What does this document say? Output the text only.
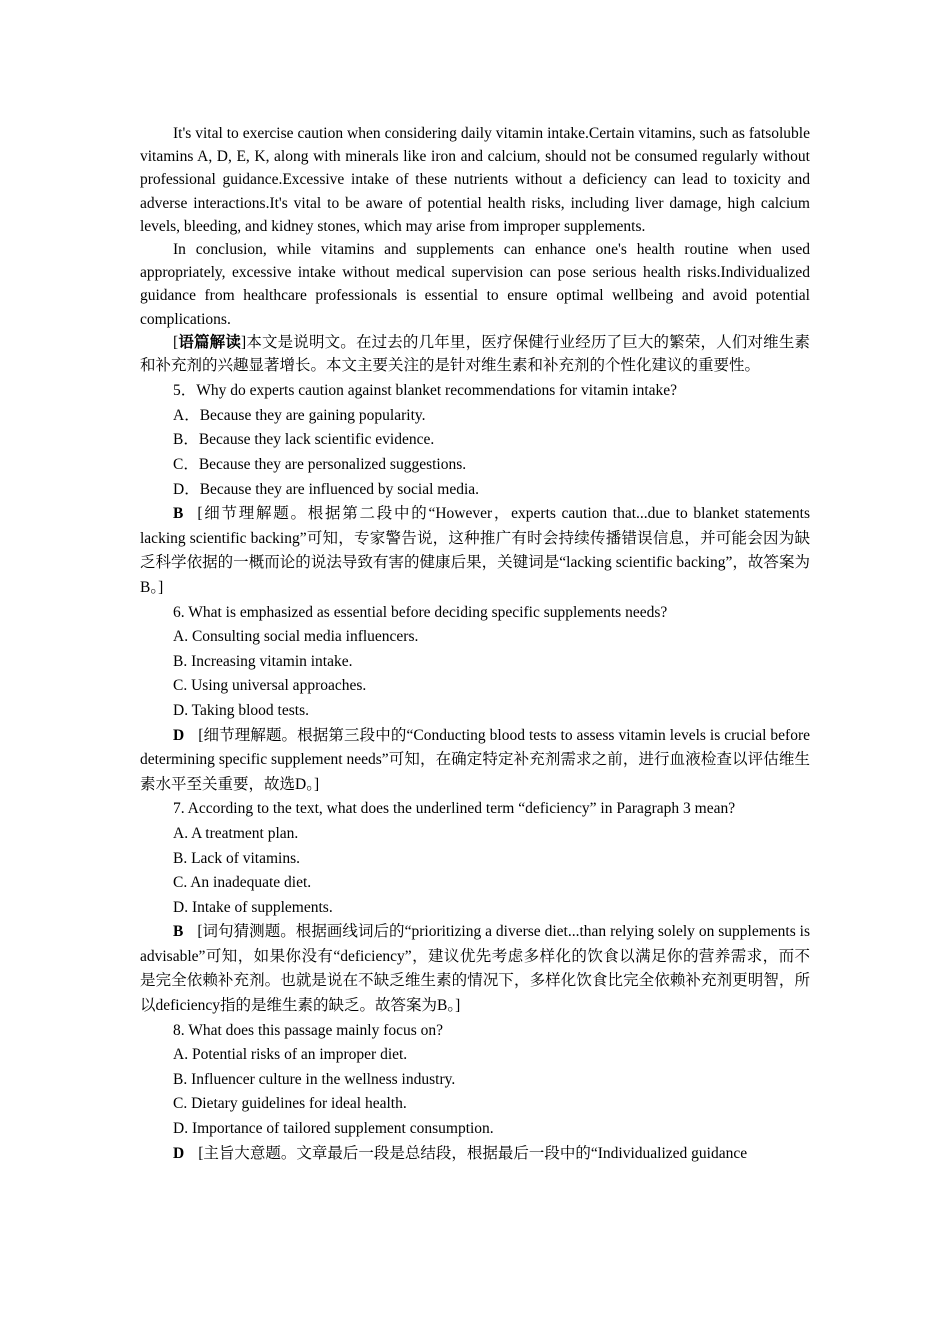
It's vital to exercise caution when considering daily vitamin intake.Certain vitamins, such as fatsoluble vitamins A, D, E, K, along with minerals like iron and calcium, should not be consumed regularly without professional guidance.Excessive intake of these nutrients without a deficiency can lead to toxicity and adverse interactions.It's vital to be aware of potential health risks, including liver damage, high calcium levels, bleeding, and kidney stones, which may arise from improper supplements.

In conclusion, while vitamins and supplements can enhance one's health routine when used appropriately, excessive intake without medical supervision can pose serious health risks.Individualized guidance from healthcare professionals is essential to ensure optimal wellbeing and avoid potential complications.

[语篇解读]本文是说明文。在过去的几年里，医疗保健行业经历了巨大的繁荣，人们对维生素和补充剂的兴趣显著增长。本文主要关注的是针对维生素和补充剂的个性化建议的重要性。

5．Why do experts caution against blanket recommendations for vitamin intake?

A．Because they are gaining popularity.

B．Because they lack scientific evidence.

C．Because they are personalized suggestions.

D．Because they are influenced by social media.

B [细节理解题。根据第二段中的“However，experts caution that...due to blanket statements lacking scientific backing”可知，专家警告说，这种推广有时会持续传播错误信息，并可能会因为缺乏科学依据的一概而论的说法导致有害的健康后果，关键词是“lacking scientific backing”，故答案为B。]

6. What is emphasized as essential before deciding specific supplements needs?

A. Consulting social media influencers.

B. Increasing vitamin intake.

C. Using universal approaches.

D. Taking blood tests.

D [细节理解题。根据第三段中的“Conducting blood tests to assess vitamin levels is crucial before determining specific supplement needs”可知，在确定特定补充剂需求之前，进行血液检查以评估维生素水平至关重要，故选D。]

7. According to the text, what does the underlined term “deficiency” in Paragraph 3 mean?

A. A treatment plan.

B. Lack of vitamins.

C. An inadequate diet.

D. Intake of supplements.

B [词句猜测题。根据画线词后的“prioritizing a diverse diet...than relying solely on supplements is advisable”可知，如果你没有“deficiency”，建议优先考虑多样化的饮食以满足你的营养需求，而不是完全依赖补充剂。也就是说在不缺乏维生素的情况下，多样化饮食比完全依赖补充剂更明智，所以deficiency指的是维生素的缺乏。故答案为B。]

8. What does this passage mainly focus on?

A. Potential risks of an improper diet.

B. Influencer culture in the wellness industry.

C. Dietary guidelines for ideal health.

D. Importance of tailored supplement consumption.

D [主旨大意题。文章最后一段是总结段，根据最后一段中的“Individualized guidance
